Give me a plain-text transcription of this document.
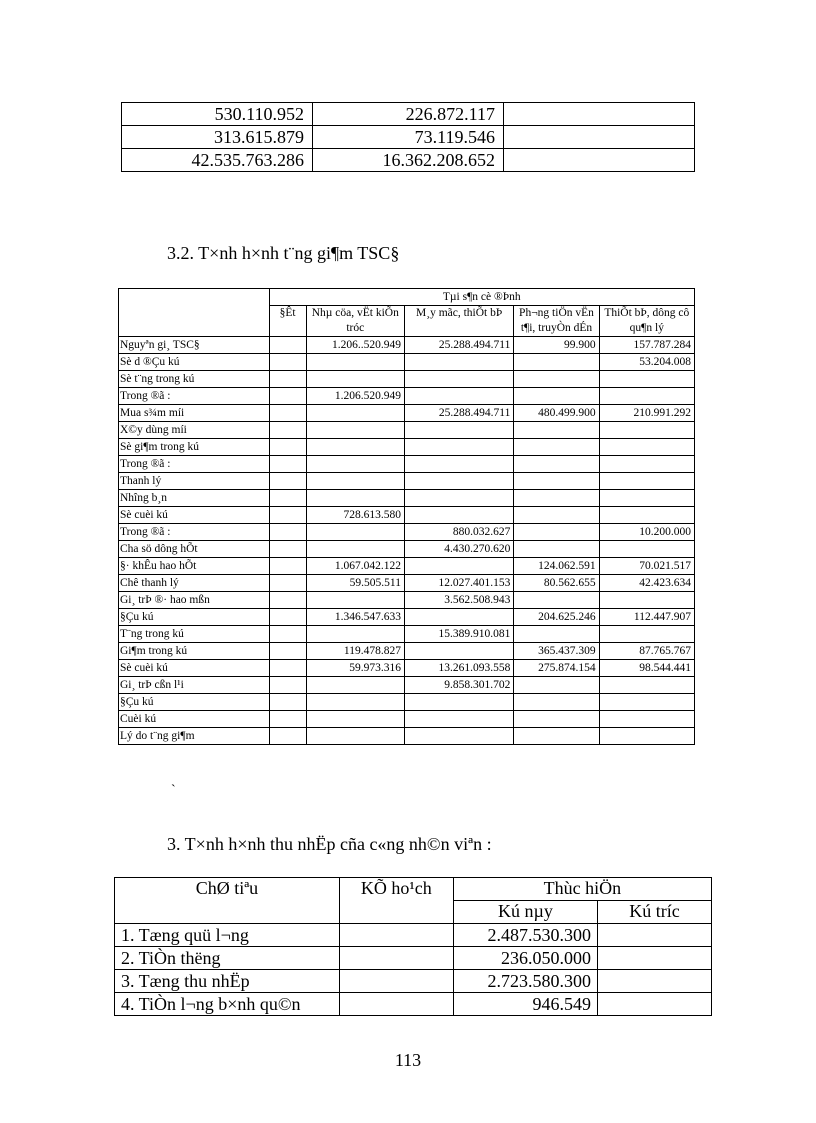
530.110.952	226.872.117	
313.615.879	73.119.546	
42.535.763.286	16.362.208.652	
3.2. T×nh h×nh t¨ng gi¶m TSC§
	Tµi s¶n cè ®Þnh				
	§Êt	Nhµ cöa, vËt kiÕn tróc	M¸y mãc, thiÕt bÞ	Ph¬ng tiÖn vËn t¶i, truyÒn dÉn	ThiÕt bÞ, dông cô qu¶n lý
Nguyªn gi¸ TSC§		1.206..520.949	25.288.494.711	99.900	157.787.284
Sè d ®Çu kú					53.204.008
Sè t¨ng trong kú					
Trong ®ã :		1.206.520.949			
Mua s¾m míi			25.288.494.711	480.499.900	210.991.292
X©y dùng míi					
Sè gi¶m trong kú					
Trong ®ã :					
Thanh lý					
Nhîng b¸n					
Sè cuèi kú		728.613.580			
Trong ®ã :			880.032.627		10.200.000
Cha sö dông hÕt			4.430.270.620		
§· khÊu hao hÕt		1.067.042.122		124.062.591	70.021.517
Chê thanh lý		59.505.511	12.027.401.153	80.562.655	42.423.634
Gi¸ trÞ ®· hao mßn			3.562.508.943		
§Çu kú		1.346.547.633		204.625.246	112.447.907
T¨ng trong kú			15.389.910.081		
Gi¶m trong kú		119.478.827		365.437.309	87.765.767
Sè cuèi kú		59.973.316	13.261.093.558	275.874.154	98.544.441
Gi¸ trÞ cßn l¹i			9.858.301.702		
§Çu kú					
Cuèi kú					
Lý do t¨ng gi¶m					
`
3. T×nh h×nh thu nhËp cña c«ng nh©n viªn :
ChØ tiªu	KÕ ho¹ch	Thùc hiÖn	
		Kú nµy	Kú tríc
1. Tæng quü l¬ng		2.487.530.300	
2. TiÒn thëng		236.050.000	
3. Tæng thu nhËp		2.723.580.300	
4. TiÒn l¬ng b×nh qu©n		946.549	
113
